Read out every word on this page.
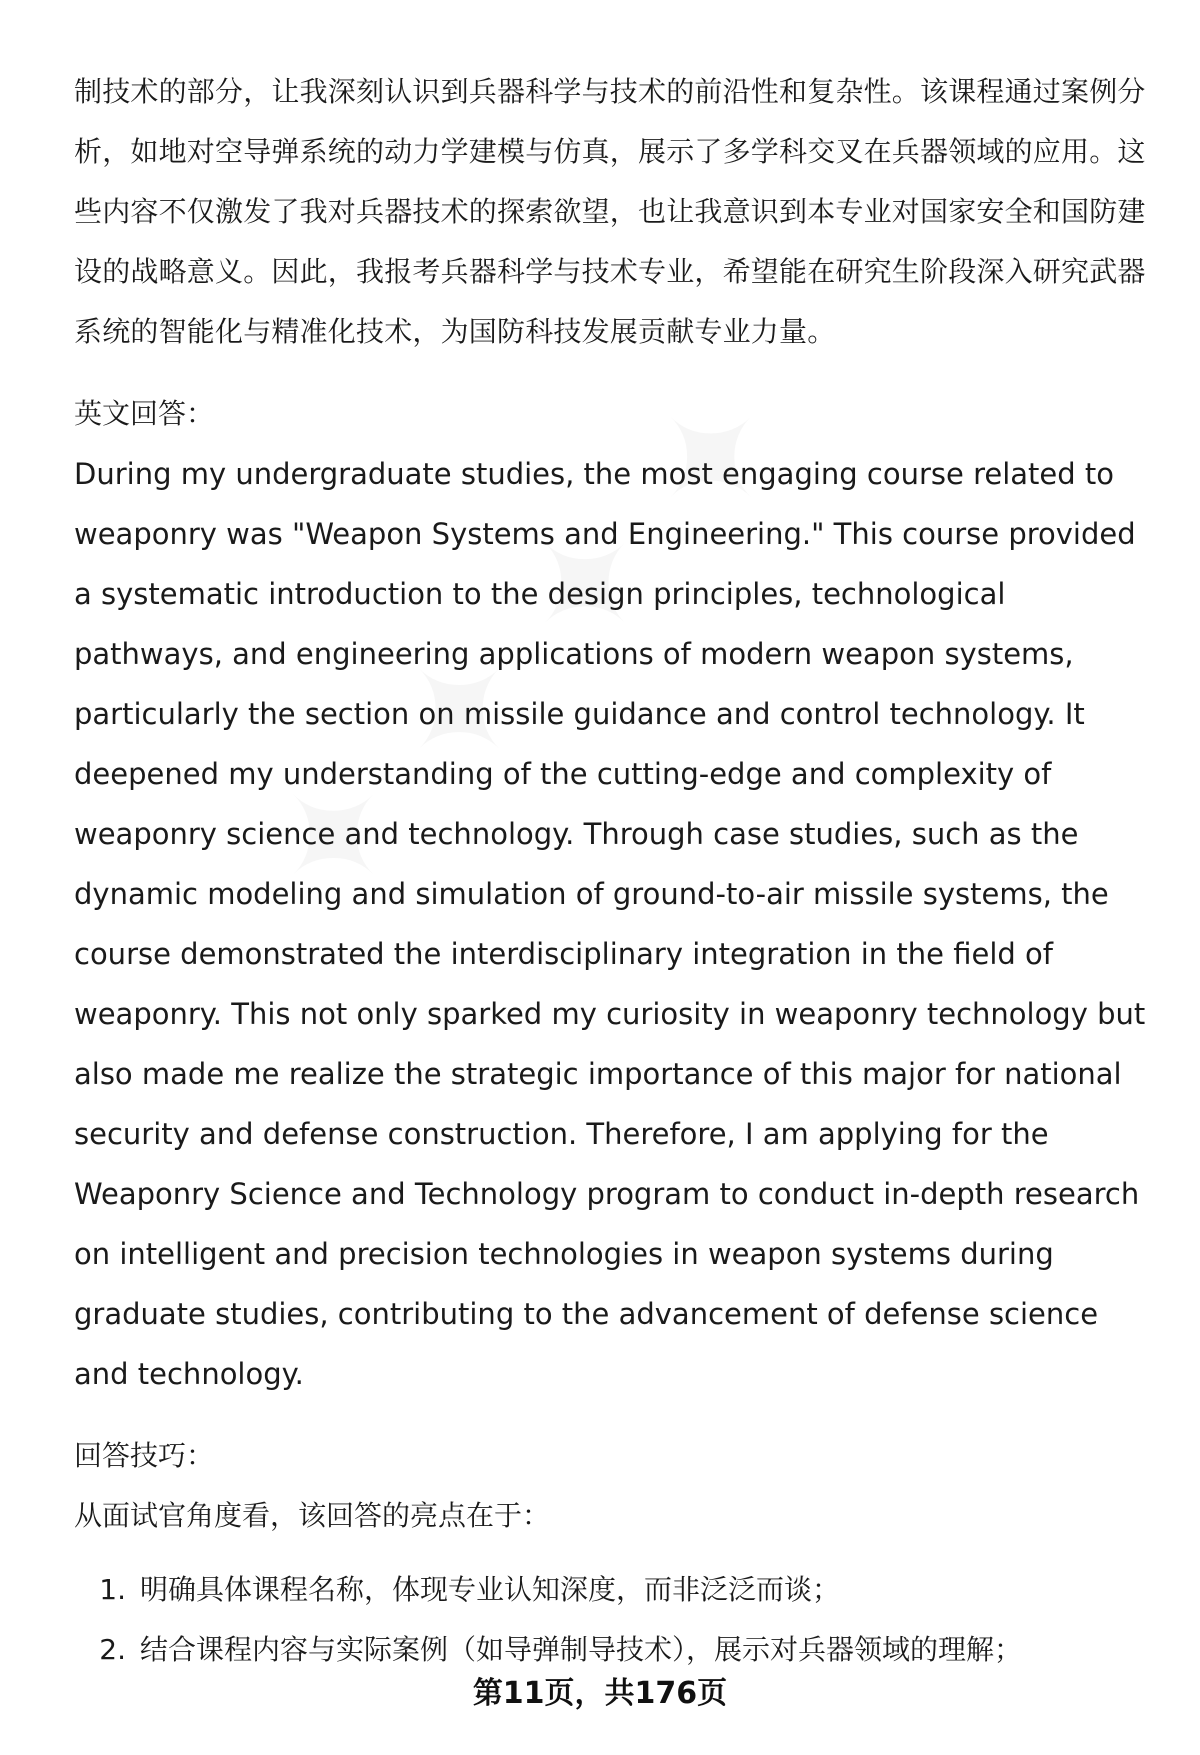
制技术的部分，让我深刻认识到兵器科学与技术的前沿性和复杂性。该课程通过案例分析，如地对空导弹系统的动力学建模与仿真，展示了多学科交叉在兵器领域的应用。这些内容不仅激发了我对兵器技术的探索欲望，也让我意识到本专业对国家安全和国防建设的战略意义。因此，我报考兵器科学与技术专业，希望能在研究生阶段深入研究武器系统的智能化与精准化技术，为国防科技发展贡献专业力量。

英文回答：

During my undergraduate studies, the most engaging course related to weaponry was "Weapon Systems and Engineering." This course provided a systematic introduction to the design principles, technological pathways, and engineering applications of modern weapon systems, particularly the section on missile guidance and control technology. It deepened my understanding of the cutting-edge and complexity of weaponry science and technology. Through case studies, such as the dynamic modeling and simulation of ground-to-air missile systems, the course demonstrated the interdisciplinary integration in the field of weaponry. This not only sparked my curiosity in weaponry technology but also made me realize the strategic importance of this major for national security and defense construction. Therefore, I am applying for the Weaponry Science and Technology program to conduct in-depth research on intelligent and precision technologies in weapon systems during graduate studies, contributing to the advancement of defense science and technology.

回答技巧：

从面试官角度看，该回答的亮点在于：

1. 明确具体课程名称，体现专业认知深度，而非泛泛而谈；
2. 结合课程内容与实际案例（如导弹制导技术），展示对兵器领域的理解；
第11页，共176页
